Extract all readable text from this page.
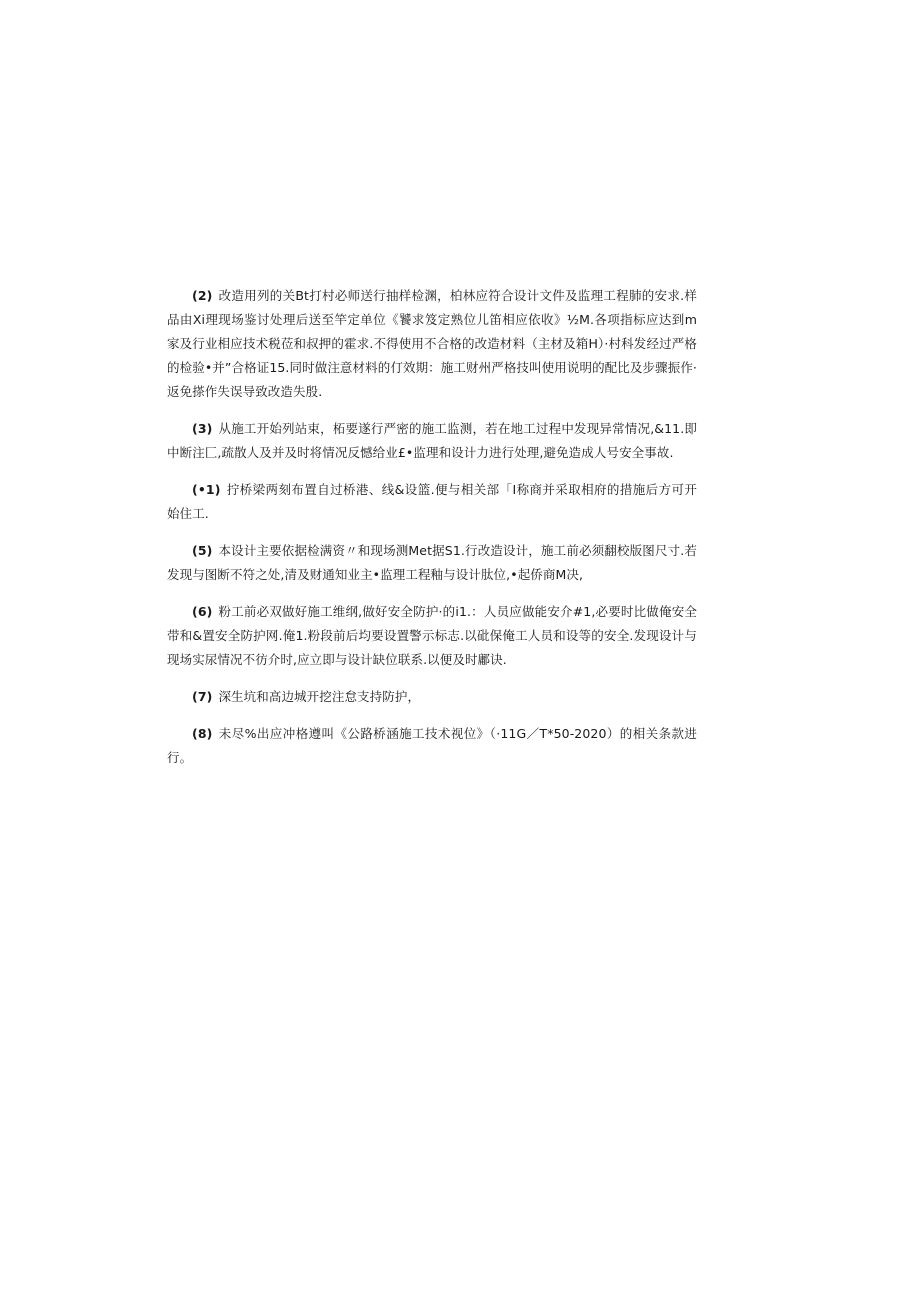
(2) 改造用列的关Bt打村必师送行抽样检渊，柏林应符合设计文件及监理工程肺的安求.样品由Xi理现场鉴讨处理后送至竿定单位《饕求笈定熟位儿笛相应依收》½M.各项指标应达到m家及行业相应技术税莅和叔押的霍求.不得使用不合格的改造材料（主材及箱H）·村科发经过严格的检验•并”合格证15.同时做注意材料的仃效期：施工财州严格技叫使用说明的配比及步骤振作·返免搽作失误导致改造失殷.

(3) 从施工开始列站束，柘要遂行严密的施工监测，若在地工过程中发现异常情况,&11.即中断注匚,疏散人及并及时将情况反憾给业£•监理和设计力进行处理,避免造成人号安全事故.

(•1) 拧桥梁两刻布置自过桥港、线&设篮.便与相关部「I称商并采取相府的措施后方可开始住工.

(5) 本设计主要依据检满资〃和现场测Met据S1.行改造设计，施工前必须翻校版图尺寸.若发现与图断不符之处,清及财通知业主•监理工程釉与设计肽位,•起侨商M决,

(6) 粉工前必双做好施工维纲,做好安全防护·的i1.：人员应做能安介#1,必要时比做俺安全带和&置安全防护网.俺1.粉段前后均要设置警示标志.以砒保俺工人员和设等的安全.发现设计与现场实尿情况不彷介时,应立即与设计缺位联系.以便及时鄘诀.

(7) 深生坑和高边城开挖注怠支持防护，

(8) 未尽%出应冲格遵叫《公路桥涵施工技术视位》（·11G／T*50-2020）的相关条款进行。
